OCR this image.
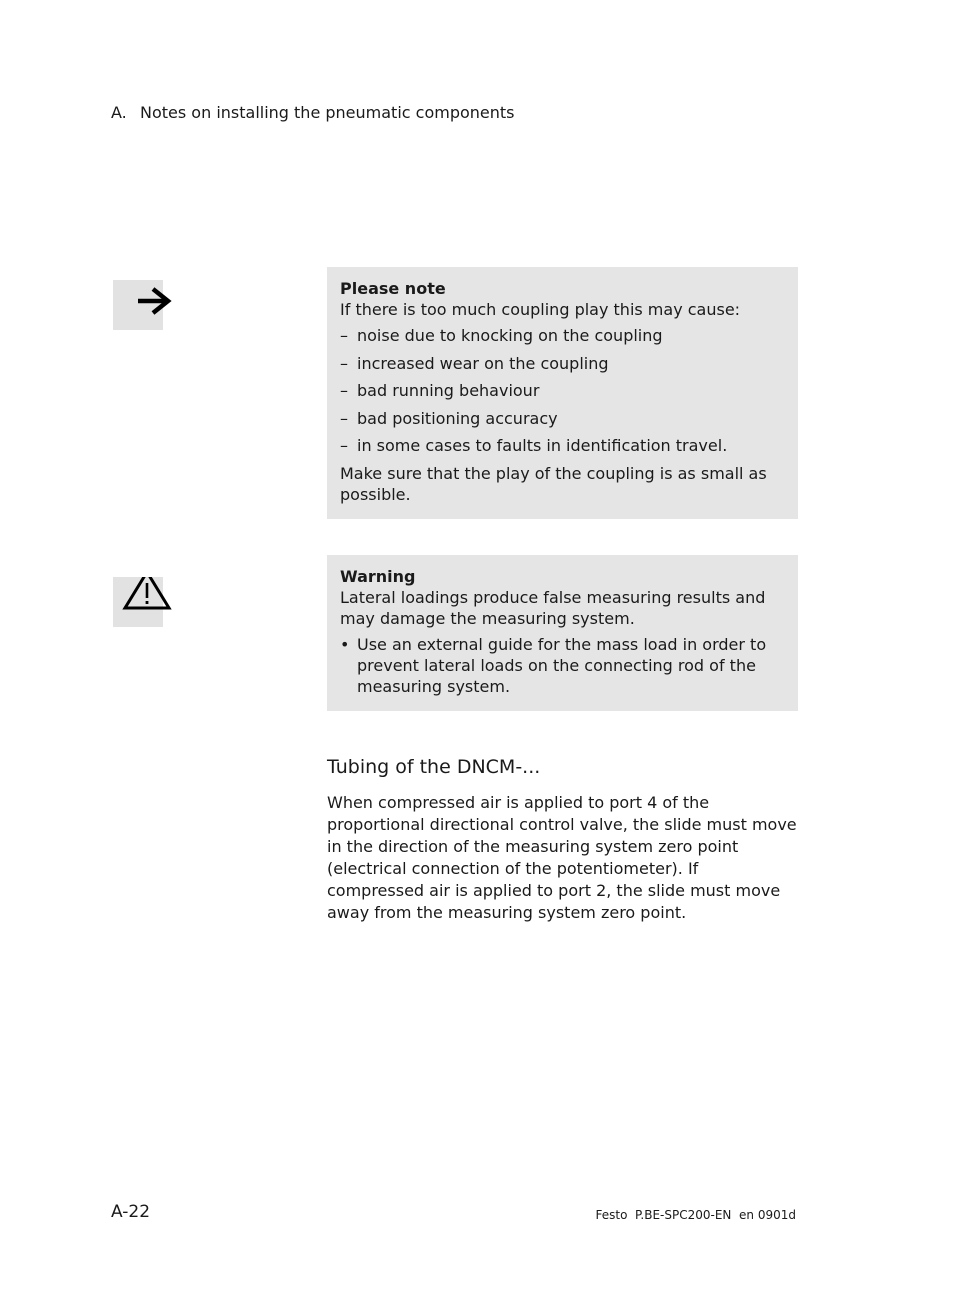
A. Notes on installing the pneumatic components
Please note
If there is too much coupling play this may cause:
– noise due to knocking on the coupling
– increased wear on the coupling
– bad running behaviour
– bad positioning accuracy
– in some cases to faults in identification travel.
Make sure that the play of the coupling is as small as possible.
Warning
Lateral loadings produce false measuring results and may damage the measuring system.
• Use an external guide for the mass load in order to prevent lateral loads on the connecting rod of the measuring system.
Tubing of the DNCM-...
When compressed air is applied to port 4 of the proportional directional control valve, the slide must move in the direction of the measuring system zero point (electrical connection of the potentiometer). If compressed air is applied to port 2, the slide must move away from the measuring system zero point.
A-22	Festo  P.BE-SPC200-EN  en 0901d
